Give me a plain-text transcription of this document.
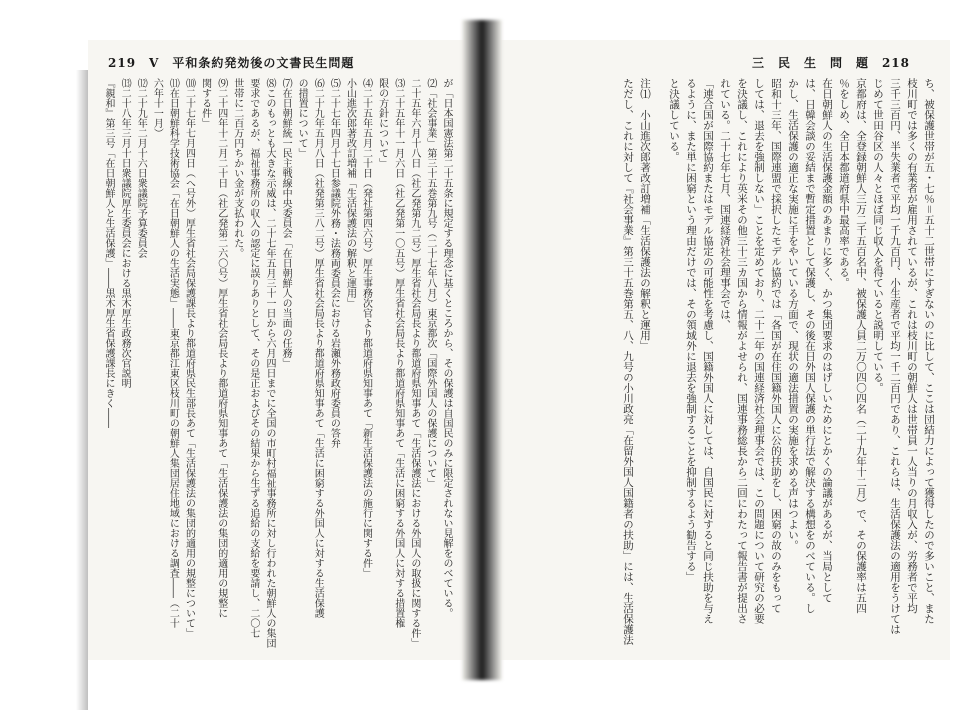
219　Ⅴ　平和条約発効後の文書民生問題
が「日本国憲法第二十五条に規定する理念に基くところから、その保護は自国民のみに限定されない見解をのべている。
⑵「社会事業」第三十五巻第九号（二十七年八月）東京都次「国際外国人の保護について」
二十五年六月十八日（社乙発第九二号）厚生省社会局長より都道府県知事あて「生活保護法における外国人の取扱に関する件」
⑶二十五年十一月六日（社乙発第一〇五号）厚生省社会局長より都道府県知事あて「生活に困窮する外国人に対する措置権
限の方針について」
⑷二十五年五月二十日（発社第四六号）厚生事務次官より都道府県知事あて「新生活保護法の施行に関する件」
小山進次郎著改訂増補「生活保護法の解釈と運用」
⑸二十七年四月十七日参議院外務・法務両委員会における岩瀬外務政府委員の答弁
⑹二十九年五月八日（社発第三八二号）厚生省社会局長より都道府県知事あて「生活に困窮する外国人に対する生活保護
の措置について」
⑺在日朝鮮統一民主戦線中央委員会「在日朝鮮人の当面の任務」
⑻このもっとも大きな示威は、二十七年五月三十一日から六月四日までに全国の市町村福祉事務所に対し行われた朝鮮人の集団
要求であるが、福祉事務所の収入の認定に誤りありとして、その是正およびその結果から生ずる追給の支給を要請し、二〇七
世帯に二百万円ちかい金が支払われた。
⑼二十四年十二月二十日（社乙発第二六〇号）厚生省社会局長より都道府県知事あて「生活保護法の集団的適用の規整に
関する件」
⑽二十七年七月四日（へ号外）厚生省社会局保護課長より都道府県民生部長あて「生活保護法の集団的適用の規整について」
⑾在日朝鮮科学技術協会「在日朝鮮人の生活実態」――東京都江東区枝川町の朝鮮人集団居住地域における調査――（二十
六年十一月）
⑿二十九年二月十六日衆議院予算委員会
⒀二十八年三月十日衆議院厚生委員会における黒木厚生政務次官説明
『親和』第三号「在日朝鮮人と生活保護」――黒木厚生省保護課長にきく――
三　民　生　問　題　218
ち、被保護世帯が五・七％＝五十二世帯にすぎないのに比して、ここは団結力によって獲得したので多いこと、また
枝川町では多くの有業者が雇用されているが、これは枝川町の朝鮮人は世帯員一人当りの月収入が、労務者で平均
三千三百円、半失業者で平均一千九百円、小生産者で平均一千二百円であり、これらは、生活保護法の適用をうけては
じめて世田谷区の人々とほぼ同じ収入を得ていると説明している。
京都府は、全登録朝鮮人三万二千五百名中、被保護人員二万〇四〇四名（二十九年十二月）で、その保護率は五四
％をしめ、全日本都道府県中最高率である。
在日朝鮮人の生活保護金額のあまりに多く、かつ集団要求のはげしいためにとかくの論議があるが、当局として
は、日韓会談の妥結まで暫定措置として保護し、その後在日外国人保護の単行法で解決する構想をのべている。し
かし、生活保護の適正な実施に手をやいている方面で、現状の適法措置の実施を求める声はつよい。
昭和十三年、国際連盟で採択したモデル協約では「各国が在住国籍外国人に公的扶助をし、困窮の故のみをもって
しては、退去を強制しない」ことを定めており、二十二年の国連経済社会理事会では、この問題について研究の必要
を決議し、これにより英米その他三十三カ国から情報がよせられ、国連事務総長から二回にわたって報告書が提出さ
れている。二十七年七月、国連経済社会理事会では、
「連合国が国際協約またはモデル協定の可能性を考慮し、国籍外国人に対しては、自国民に対すると同じ扶助を与え
るように、また単に困窮という理由だけでは、その領域外に退去を強制することを抑制するよう勧告する」
と決議している。
注⑴　小山進次郎著改訂増補「生活保護法の解釈と運用」
ただし、これに対して『社会事業』第三十五巻第五、八、九号の小川政亮「在留外国人国籍者の扶助」には、生活保護法
